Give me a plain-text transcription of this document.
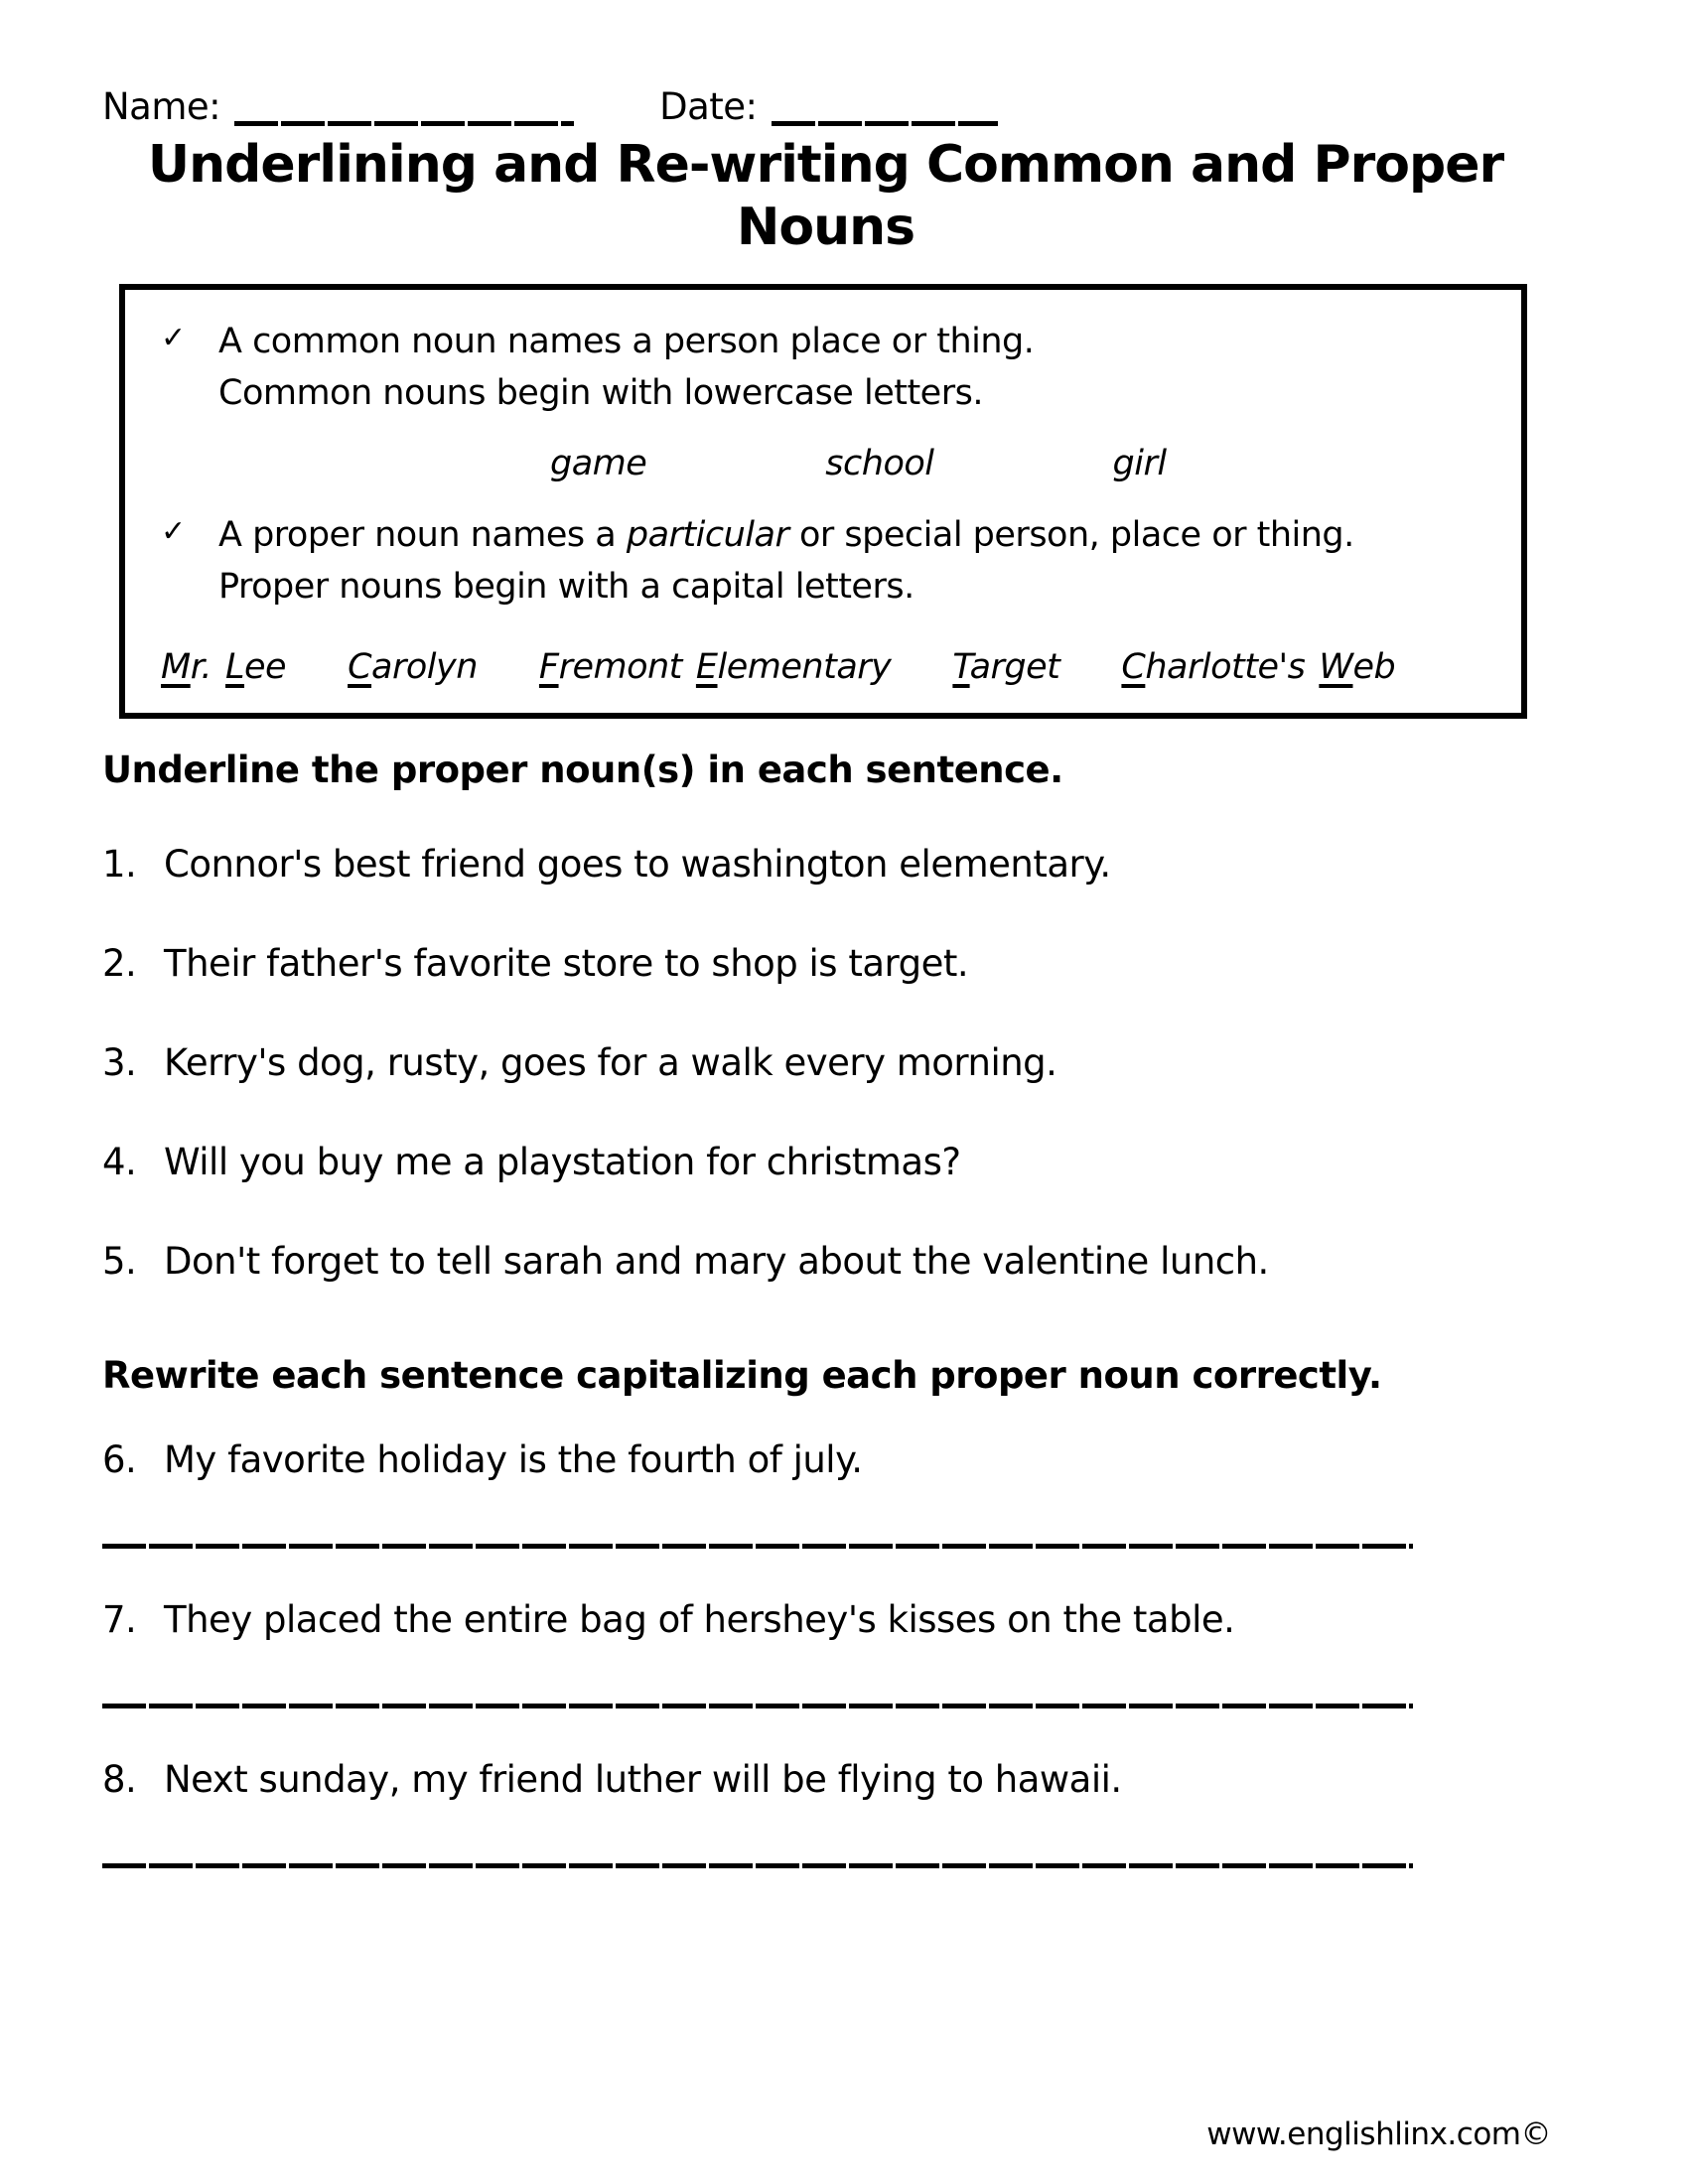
Name:	Date:
Underlining and Re-writing Common and Proper
Nouns
✓ A common noun names a person place or thing.
Common nouns begin with lowercase letters.
game	school	girl
✓ A proper noun names a particular or special person, place or thing.
Proper nouns begin with a capital letters.
Mr. Lee Carolyn Fremont Elementary Target Charlotte's Web
Underline the proper noun(s) in each sentence.
1. Connor's best friend goes to washington elementary.
2. Their father's favorite store to shop is target.
3. Kerry's dog, rusty, goes for a walk every morning.
4. Will you buy me a playstation for christmas?
5. Don't forget to tell sarah and mary about the valentine lunch.
Rewrite each sentence capitalizing each proper noun correctly.
6. My favorite holiday is the fourth of july.
7. They placed the entire bag of hershey's kisses on the table.
8. Next sunday, my friend luther will be flying to hawaii.
www.englishlinx.com©
